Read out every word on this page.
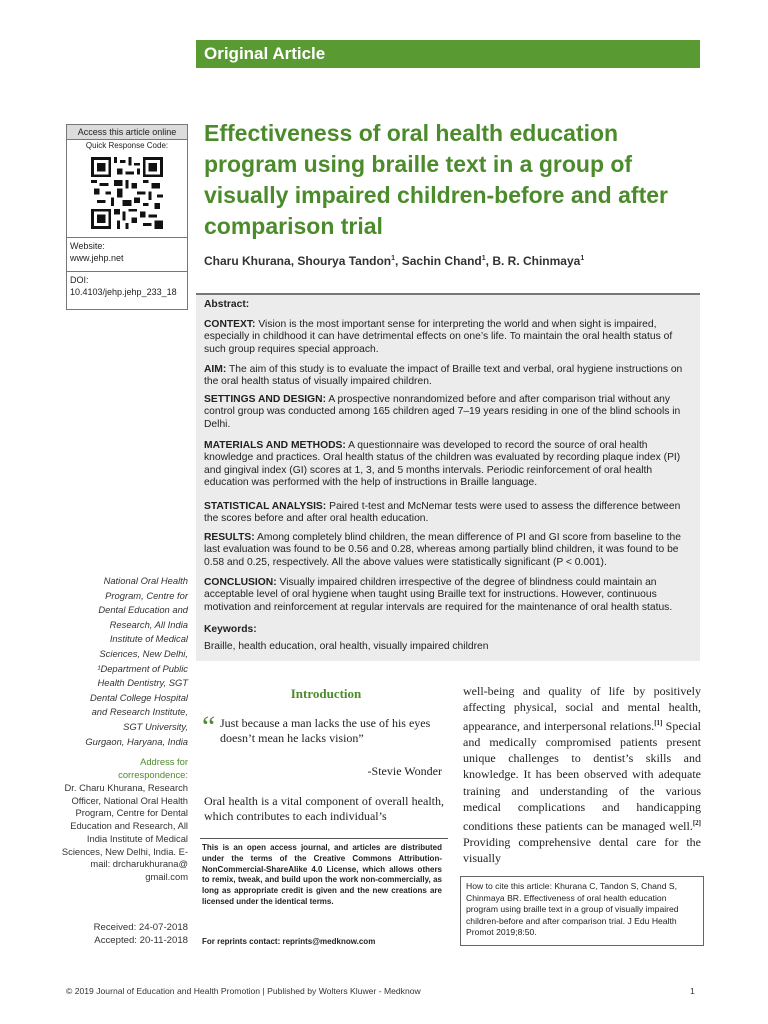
Original Article
Access this article online
Quick Response Code:
Website:
www.jehp.net
DOI:
10.4103/jehp.jehp_233_18
Effectiveness of oral health education program using braille text in a group of visually impaired children-before and after comparison trial
Charu Khurana, Shourya Tandon$^1$, Sachin Chand$^1$, B. R. Chinmaya$^1$
Abstract:
CONTEXT: Vision is the most important sense for interpreting the world and when sight is impaired, especially in childhood it can have detrimental effects on one’s life. To maintain the oral health status of such group requires special approach.
AIM: The aim of this study is to evaluate the impact of Braille text and verbal, oral hygiene instructions on the oral health status of visually impaired children.
SETTINGS AND DESIGN: A prospective nonrandomized before and after comparison trial without any control group was conducted among 165 children aged 7–19 years residing in one of the blind schools in Delhi.
MATERIALS AND METHODS: A questionnaire was developed to record the source of oral health knowledge and practices. Oral health status of the children was evaluated by recording plaque index (PI) and gingival index (GI) scores at 1, 3, and 5 months intervals. Periodic reinforcement of oral health education was performed with the help of instructions in Braille language.
STATISTICAL ANALYSIS: Paired t-test and McNemar tests were used to assess the difference between the scores before and after oral health education.
RESULTS: Among completely blind children, the mean difference of PI and GI score from baseline to the last evaluation was found to be 0.56 and 0.28, whereas among partially blind children, it was found to be 0.58 and 0.25, respectively. All the above values were statistically significant (P < 0.001).
CONCLUSION: Visually impaired children irrespective of the degree of blindness could maintain an acceptable level of oral hygiene when taught using Braille text for instructions. However, continuous motivation and reinforcement at regular intervals are required for the maintenance of oral health status.
Keywords:
Braille, health education, oral health, visually impaired children
National Oral Health Program, Centre for Dental Education and Research, All India Institute of Medical Sciences, New Delhi, ¹Department of Public Health Dentistry, SGT Dental College Hospital and Research Institute, SGT University, Gurgaon, Haryana, India
Address for correspondence:
Dr. Charu Khurana, Research Officer, National Oral Health Program, Centre for Dental Education and Research, All India Institute of Medical Sciences, New Delhi, India. E-mail: drcharukhurana@ gmail.com
Received: 24-07-2018
Accepted: 20-11-2018
Introduction
“ Just because a man lacks the use of his eyes doesn’t mean he lacks vision”
-Stevie Wonder
Oral health is a vital component of overall health, which contributes to each individual’s
This is an open access journal, and articles are distributed under the terms of the Creative Commons Attribution-NonCommercial-ShareAlike 4.0 License, which allows others to remix, tweak, and build upon the work non-commercially, as long as appropriate credit is given and the new creations are licensed under the identical terms.
For reprints contact: reprints@medknow.com
well-being and quality of life by positively affecting physical, social and mental health, appearance, and interpersonal relations.[1] Special and medically compromised patients present unique challenges to dentist’s skills and knowledge. It has been observed with adequate training and understanding of the various medical complications and handicapping conditions these patients can be managed well.[2] Providing comprehensive dental care for the visually
How to cite this article: Khurana C, Tandon S, Chand S, Chinmaya BR. Effectiveness of oral health education program using braille text in a group of visually impaired children-before and after comparison trial. J Edu Health Promot 2019;8:50.
© 2019 Journal of Education and Health Promotion | Published by Wolters Kluwer - Medknow	1
